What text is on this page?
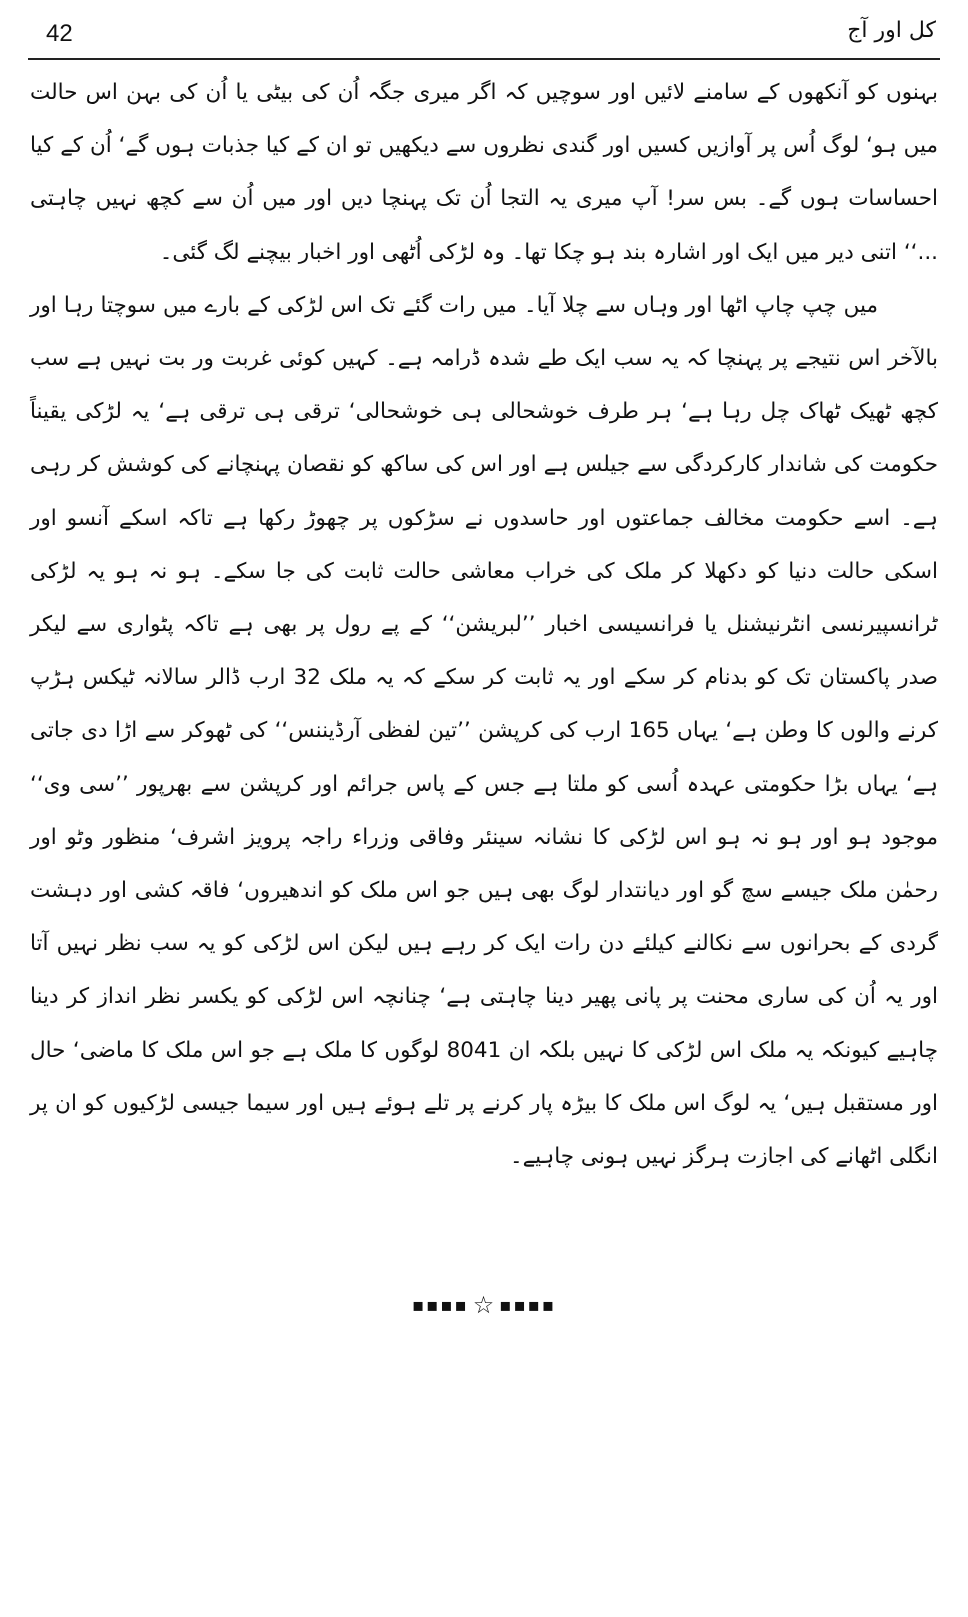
42	کل اور آج

بہنوں کو آنکھوں کے سامنے لائیں اور سوچیں کہ اگر میری جگہ اُن کی بیٹی یا اُن کی بہن اس حالت میں ہو‘ لوگ اُس پر آوازیں کسیں اور گندی نظروں سے دیکھیں تو ان کے کیا جذبات ہوں گے‘ اُن کے کیا احساسات ہوں گے۔ بس سر! آپ میری یہ التجا اُن تک پہنچا دیں اور میں اُن سے کچھ نہیں چاہتی ...‘‘ اتنی دیر میں ایک اور اشارہ بند ہو چکا تھا۔ وہ لڑکی اُٹھی اور اخبار بیچنے لگ گئی۔

میں چپ چاپ اٹھا اور وہاں سے چلا آیا۔ میں رات گئے تک اس لڑکی کے بارے میں سوچتا رہا اور بالآخر اس نتیجے پر پہنچا کہ یہ سب ایک طے شدہ ڈرامہ ہے۔ کہیں کوئی غربت ور بت نہیں ہے سب کچھ ٹھیک ٹھاک چل رہا ہے‘ ہر طرف خوشحالی ہی خوشحالی‘ ترقی ہی ترقی ہے‘ یہ لڑکی یقیناً حکومت کی شاندار کارکردگی سے جیلس ہے اور اس کی ساکھ کو نقصان پہنچانے کی کوشش کر رہی ہے۔ اسے حکومت مخالف جماعتوں اور حاسدوں نے سڑکوں پر چھوڑ رکھا ہے تاکہ اسکے آنسو اور اسکی حالت دنیا کو دکھلا کر ملک کی خراب معاشی حالت ثابت کی جا سکے۔ ہو نہ ہو یہ لڑکی ٹرانسپیرنسی انٹرنیشنل یا فرانسیسی اخبار ’’لبریشن‘‘ کے پے رول پر بھی ہے تاکہ پٹواری سے لیکر صدر پاکستان تک کو بدنام کر سکے اور یہ ثابت کر سکے کہ یہ ملک 32 ارب ڈالر سالانہ ٹیکس ہڑپ کرنے والوں کا وطن ہے‘ یہاں 165 ارب کی کرپشن ’’تین لفظی آرڈیننس‘‘ کی ٹھوکر سے اڑا دی جاتی ہے‘ یہاں بڑا حکومتی عہدہ اُسی کو ملتا ہے جس کے پاس جرائم اور کرپشن سے بھرپور ’’سی وی‘‘ موجود ہو اور ہو نہ ہو اس لڑکی کا نشانہ سینئر وفاقی وزراء راجہ پرویز اشرف‘ منظور وٹو اور رحمٰن ملک جیسے سچ گو اور دیانتدار لوگ بھی ہیں جو اس ملک کو اندھیروں‘ فاقہ کشی اور دہشت گردی کے بحرانوں سے نکالنے کیلئے دن رات ایک کر رہے ہیں لیکن اس لڑکی کو یہ سب نظر نہیں آتا اور یہ اُن کی ساری محنت پر پانی پھیر دینا چاہتی ہے‘ چنانچہ اس لڑکی کو یکسر نظر انداز کر دینا چاہیے کیونکہ یہ ملک اس لڑکی کا نہیں بلکہ ان 8041 لوگوں کا ملک ہے جو اس ملک کا ماضی‘ حال اور مستقبل ہیں‘ یہ لوگ اس ملک کا بیڑہ پار کرنے پر تلے ہوئے ہیں اور سیما جیسی لڑکیوں کو ان پر انگلی اٹھانے کی اجازت ہرگز نہیں ہونی چاہیے۔

▪▪▪▪ ☆ ▪▪▪▪
